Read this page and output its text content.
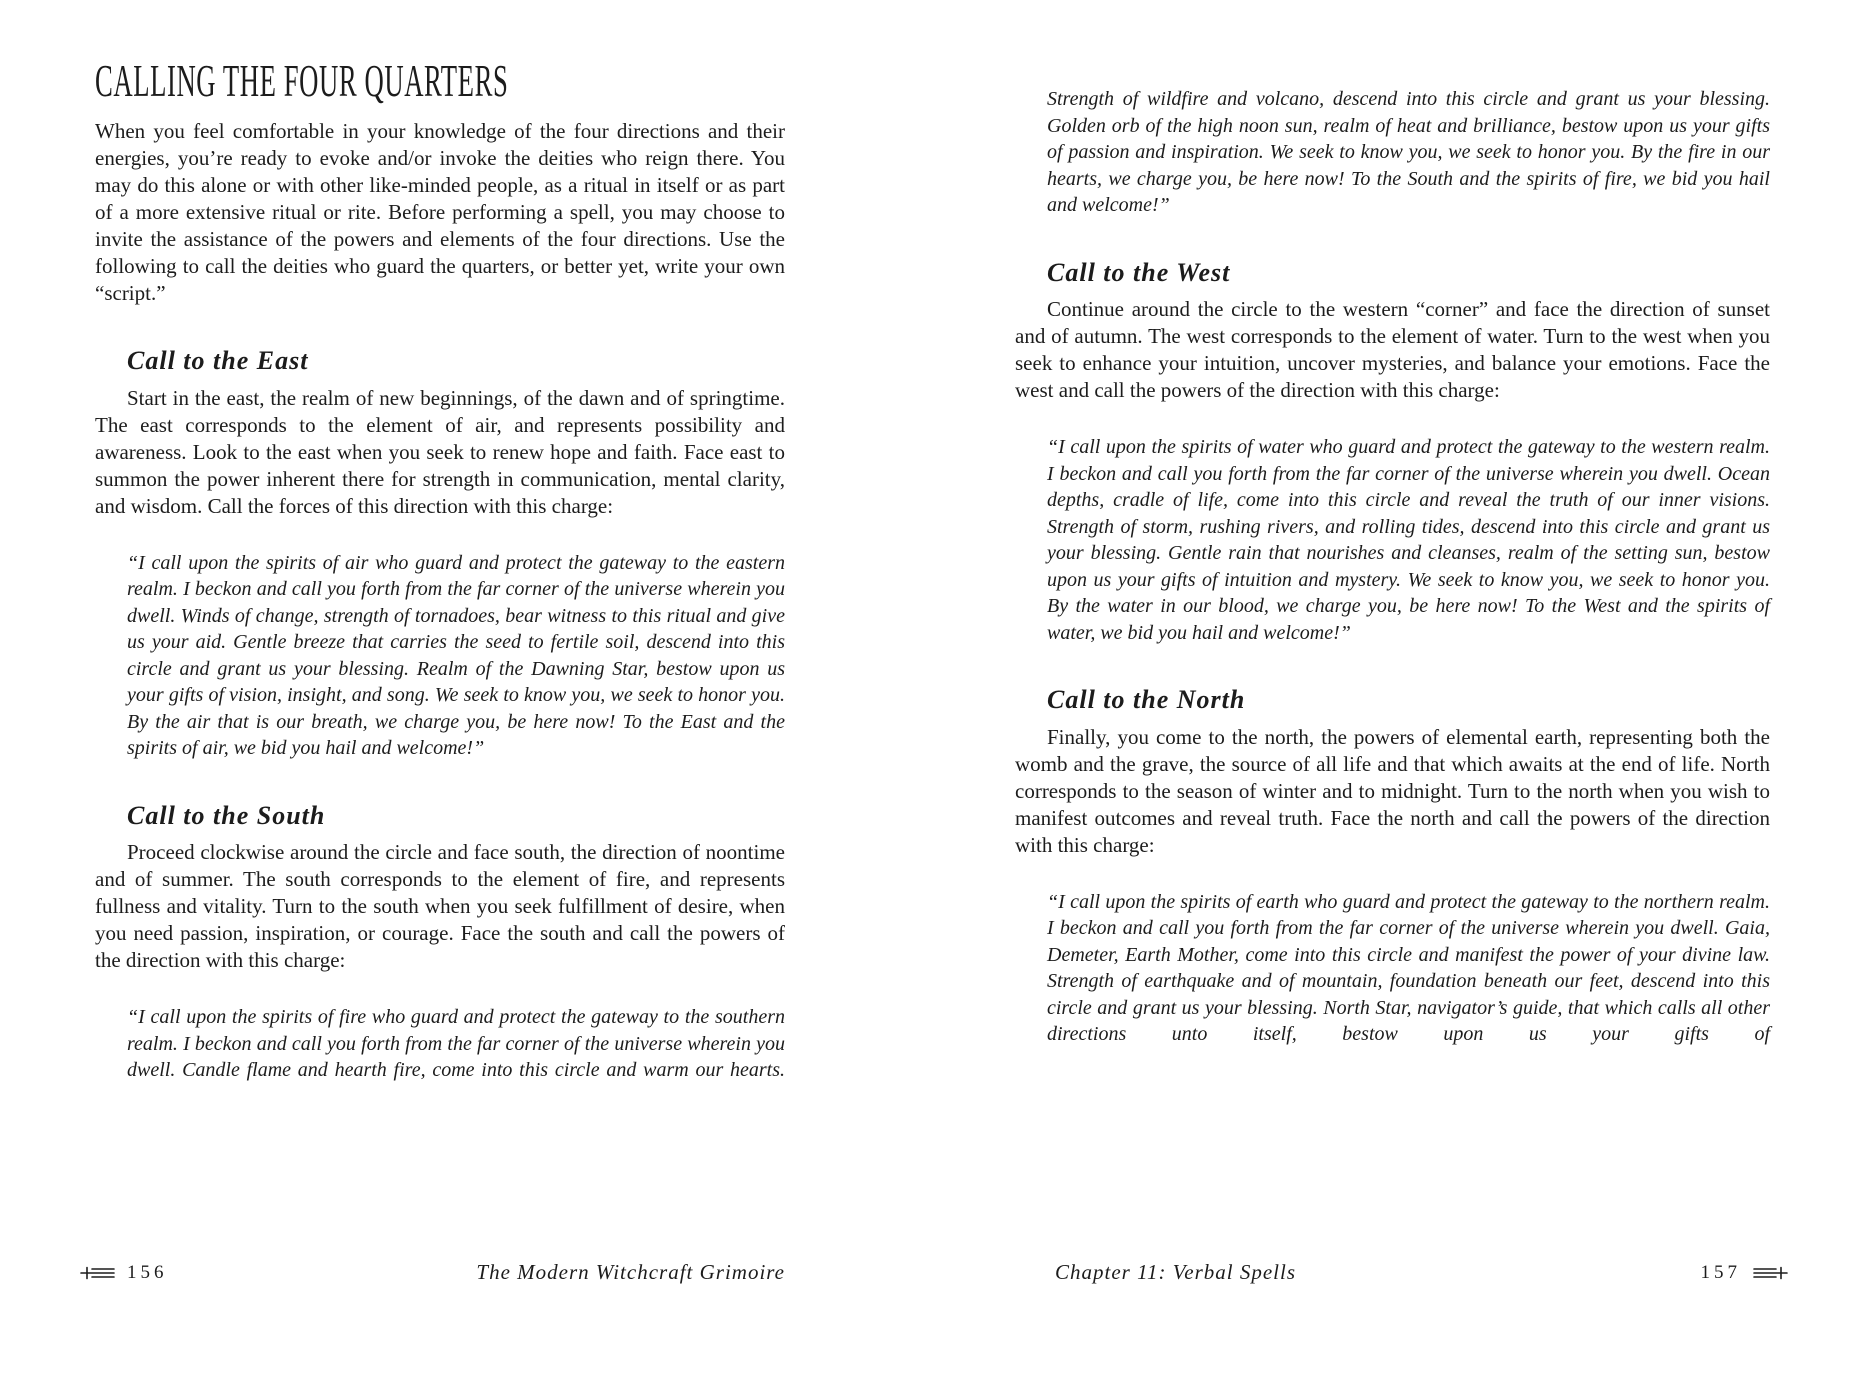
CALLING THE FOUR QUARTERS

When you feel comfortable in your knowledge of the four directions and their energies, you’re ready to evoke and/or invoke the deities who reign there. You may do this alone or with other like-minded people, as a ritual in itself or as part of a more extensive ritual or rite. Before performing a spell, you may choose to invite the assistance of the powers and elements of the four directions. Use the following to call the deities who guard the quarters, or better yet, write your own “script.”

Call to the East

Start in the east, the realm of new beginnings, of the dawn and of springtime. The east corresponds to the element of air, and represents possibility and awareness. Look to the east when you seek to renew hope and faith. Face east to summon the power inherent there for strength in communication, mental clarity, and wisdom. Call the forces of this direction with this charge:

“I call upon the spirits of air who guard and protect the gateway to the eastern realm. I beckon and call you forth from the far corner of the universe wherein you dwell. Winds of change, strength of tornadoes, bear witness to this ritual and give us your aid. Gentle breeze that carries the seed to fertile soil, descend into this circle and grant us your blessing. Realm of the Dawning Star, bestow upon us your gifts of vision, insight, and song. We seek to know you, we seek to honor you. By the air that is our breath, we charge you, be here now! To the East and the spirits of air, we bid you hail and welcome!”
Call to the South

Proceed clockwise around the circle and face south, the direction of noontime and of summer. The south corresponds to the element of fire, and represents fullness and vitality. Turn to the south when you seek fulfillment of desire, when you need passion, inspiration, or courage. Face the south and call the powers of the direction with this charge:

“I call upon the spirits of fire who guard and protect the gateway to the southern realm. I beckon and call you forth from the far corner of the universe wherein you dwell. Candle flame and hearth fire, come into this circle and warm our hearts.
Strength of wildfire and volcano, descend into this circle and grant us your blessing. Golden orb of the high noon sun, realm of heat and brilliance, bestow upon us your gifts of passion and inspiration. We seek to know you, we seek to honor you. By the fire in our hearts, we charge you, be here now! To the South and the spirits of fire, we bid you hail and welcome!”
Call to the West

Continue around the circle to the western “corner” and face the direction of sunset and of autumn. The west corresponds to the element of water. Turn to the west when you seek to enhance your intuition, uncover mysteries, and balance your emotions. Face the west and call the powers of the direction with this charge:

“I call upon the spirits of water who guard and protect the gateway to the western realm. I beckon and call you forth from the far corner of the universe wherein you dwell. Ocean depths, cradle of life, come into this circle and reveal the truth of our inner visions. Strength of storm, rushing rivers, and rolling tides, descend into this circle and grant us your blessing. Gentle rain that nourishes and cleanses, realm of the setting sun, bestow upon us your gifts of intuition and mystery. We seek to know you, we seek to honor you. By the water in our blood, we charge you, be here now! To the West and the spirits of water, we bid you hail and welcome!”
Call to the North

Finally, you come to the north, the powers of elemental earth, representing both the womb and the grave, the source of all life and that which awaits at the end of life. North corresponds to the season of winter and to midnight. Turn to the north when you wish to manifest outcomes and reveal truth. Face the north and call the powers of the direction with this charge:

“I call upon the spirits of earth who guard and protect the gateway to the northern realm. I beckon and call you forth from the far corner of the universe wherein you dwell. Gaia, Demeter, Earth Mother, come into this circle and manifest the power of your divine law. Strength of earthquake and of mountain, foundation beneath our feet, descend into this circle and grant us your blessing. North Star, navigator’s guide, that which calls all other directions unto itself, bestow upon us your gifts of
156	The Modern Witchcraft Grimoire	Chapter 11: Verbal Spells	157
